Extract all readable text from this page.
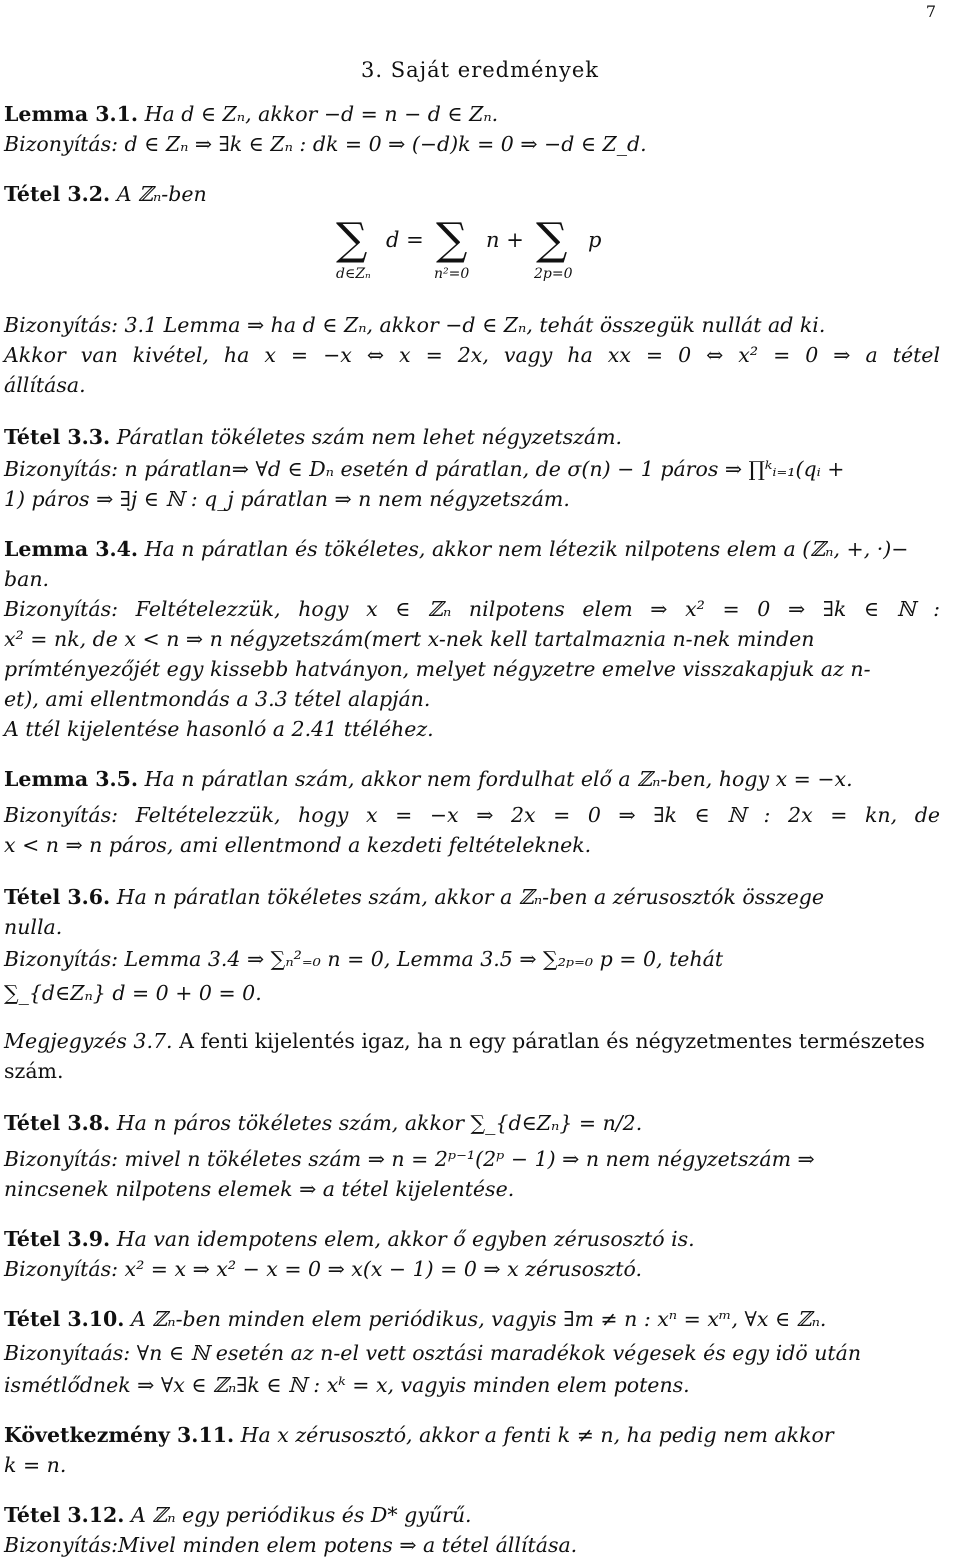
7
3. Saját eredmények
Lemma 3.1. Ha d ∈ Zₙ, akkor −d = n − d ∈ Zₙ.
Bizonyítás: d ∈ Zₙ ⇒ ∃k ∈ Zₙ : dk = 0 ⇒ (−d)k = 0 ⇒ −d ∈ Z_d.
Tétel 3.2. A ℤₙ-ben
∑
d∈Zₙ
d = ∑
n²=0
n + ∑
2p=0
p
Bizonyítás: 3.1 Lemma ⇒ ha d ∈ Zₙ, akkor −d ∈ Zₙ, tehát összegük nullát ad ki.
Akkor van kivétel, ha x = −x ⇔ x = 2x, vagy ha xx = 0 ⇔ x² = 0 ⇒ a tétel
állítása.
Tétel 3.3. Páratlan tökéletes szám nem lehet négyzetszám.
Bizonyítás: n páratlan⇒ ∀d ∈ Dₙ esetén d páratlan, de σ(n) − 1 páros ⇒ ∏ᵏᵢ₌₁(qᵢ +
1) páros ⇒ ∃j ∈ ℕ : q_j páratlan ⇒ n nem négyzetszám.
Lemma 3.4. Ha n páratlan és tökéletes, akkor nem létezik nilpotens elem a (ℤₙ, +, ·)−
ban.
Bizonyítás: Feltételezzük, hogy x ∈ ℤₙ nilpotens elem ⇒ x² = 0 ⇒ ∃k ∈ ℕ :
x² = nk, de x < n ⇒ n négyzetszám(mert x-nek kell tartalmaznia n-nek minden
prímtényezőjét egy kissebb hatványon, melyet négyzetre emelve visszakapjuk az n-
et), ami ellentmondás a 3.3 tétel alapján.
A ttél kijelentése hasonló a 2.41 ttéléhez.
Lemma 3.5. Ha n páratlan szám, akkor nem fordulhat elő a ℤₙ-ben, hogy x = −x.
Bizonyítás: Feltételezzük, hogy x = −x ⇒ 2x = 0 ⇒ ∃k ∈ ℕ : 2x = kn, de
x < n ⇒ n páros, ami ellentmond a kezdeti feltételeknek.
Tétel 3.6. Ha n páratlan tökéletes szám, akkor a ℤₙ-ben a zérusosztók összege
nulla.
Bizonyítás: Lemma 3.4 ⇒ ∑ₙ²₌₀ n = 0, Lemma 3.5 ⇒ ∑₂ₚ₌₀ p = 0, tehát
∑_{d∈Zₙ} d = 0 + 0 = 0.
Megjegyzés 3.7. A fenti kijelentés igaz, ha n egy páratlan és négyzetmentes természetes
szám.
Tétel 3.8. Ha n páros tökéletes szám, akkor ∑_{d∈Zₙ} = n/2.
Bizonyítás: mivel n tökéletes szám ⇒ n = 2ᵖ⁻¹(2ᵖ − 1) ⇒ n nem négyzetszám ⇒
nincsenek nilpotens elemek ⇒ a tétel kijelentése.
Tétel 3.9. Ha van idempotens elem, akkor ő egyben zérusosztó is.
Bizonyítás: x² = x ⇒ x² − x = 0 ⇒ x(x − 1) = 0 ⇒ x zérusosztó.
Tétel 3.10. A ℤₙ-ben minden elem periódikus, vagyis ∃m ≠ n : xⁿ = xᵐ, ∀x ∈ ℤₙ.
Bizonyítaás: ∀n ∈ ℕ esetén az n-el vett osztási maradékok végesek és egy idö után
ismétlődnek ⇒ ∀x ∈ ℤₙ∃k ∈ ℕ : xᵏ = x, vagyis minden elem potens.
Következmény 3.11. Ha x zérusosztó, akkor a fenti k ≠ n, ha pedig nem akkor
k = n.
Tétel 3.12. A ℤₙ egy periódikus és D* gyűrű.
Bizonyítás:Mivel minden elem potens ⇒ a tétel állítása.
